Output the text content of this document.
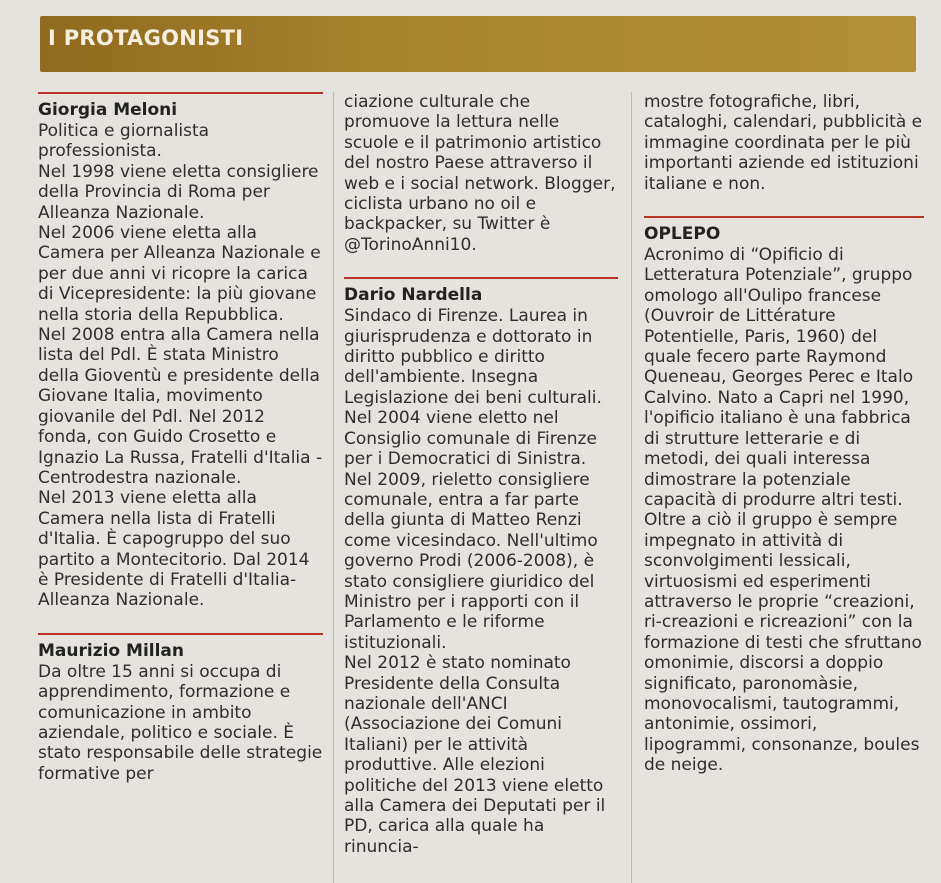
I PROTAGONISTI
Giorgia Meloni
Politica e giornalista professionista.
Nel 1998 viene eletta consigliere della Provincia di Roma per Alleanza Nazionale.
Nel 2006 viene eletta alla Camera per Alleanza Nazionale e per due anni vi ricopre la carica di Vicepresidente: la più giovane nella storia della Repubblica.
Nel 2008 entra alla Camera nella lista del Pdl. È stata Ministro della Gioventù e presidente della Giovane Italia, movimento giovanile del Pdl. Nel 2012 fonda, con Guido Crosetto e Ignazio La Russa, Fratelli d'Italia - Centrodestra nazionale.
Nel 2013 viene eletta alla Camera nella lista di Fratelli d'Italia. È capogruppo del suo partito a Montecitorio. Dal 2014 è Presidente di Fratelli d'Italia-Alleanza Nazionale.
Maurizio Millan
Da oltre 15 anni si occupa di apprendimento, formazione e comunicazione in ambito aziendale, politico e sociale. È stato responsabile delle strategie formative per
ciazione culturale che promuove la lettura nelle scuole e il patrimonio artistico del nostro Paese attraverso il web e i social network. Blogger, ciclista urbano no oil e backpacker, su Twitter è @TorinoAnni10.
Dario Nardella
Sindaco di Firenze. Laurea in giurisprudenza e dottorato in diritto pubblico e diritto dell'ambiente. Insegna Legislazione dei beni culturali. Nel 2004 viene eletto nel Consiglio comunale di Firenze per i Democratici di Sinistra. Nel 2009, rieletto consigliere comunale, entra a far parte della giunta di Matteo Renzi come vicesindaco. Nell'ultimo governo Prodi (2006-2008), è stato consigliere giuridico del Ministro per i rapporti con il Parlamento e le riforme istituzionali.
Nel 2012 è stato nominato Presidente della Consulta nazionale dell'ANCI (Associazione dei Comuni Italiani) per le attività produttive. Alle elezioni politiche del 2013 viene eletto alla Camera dei Deputati per il PD, carica alla quale ha rinuncia-
mostre fotografiche, libri, cataloghi, calendari, pubblicità e immagine coordinata per le più importanti aziende ed istituzioni italiane e non.
OPLEPO
Acronimo di “Opificio di Letteratura Potenziale”, gruppo omologo all'Oulipo francese (Ouvroir de Littérature Potentielle, Paris, 1960) del quale fecero parte Raymond Queneau, Georges Perec e Italo Calvino. Nato a Capri nel 1990, l'opificio italiano è una fabbrica di strutture letterarie e di metodi, dei quali interessa dimostrare la potenziale capacità di produrre altri testi.
Oltre a ciò il gruppo è sempre impegnato in attività di sconvolgimenti lessicali, virtuosismi ed esperimenti attraverso le proprie “creazioni, ri-creazioni e ricreazioni” con la formazione di testi che sfruttano omonimie, discorsi a doppio significato, paronomàsie, monovocalismi, tautogrammi, antonimie, ossimori, lipogrammi, consonanze, boules de neige.
